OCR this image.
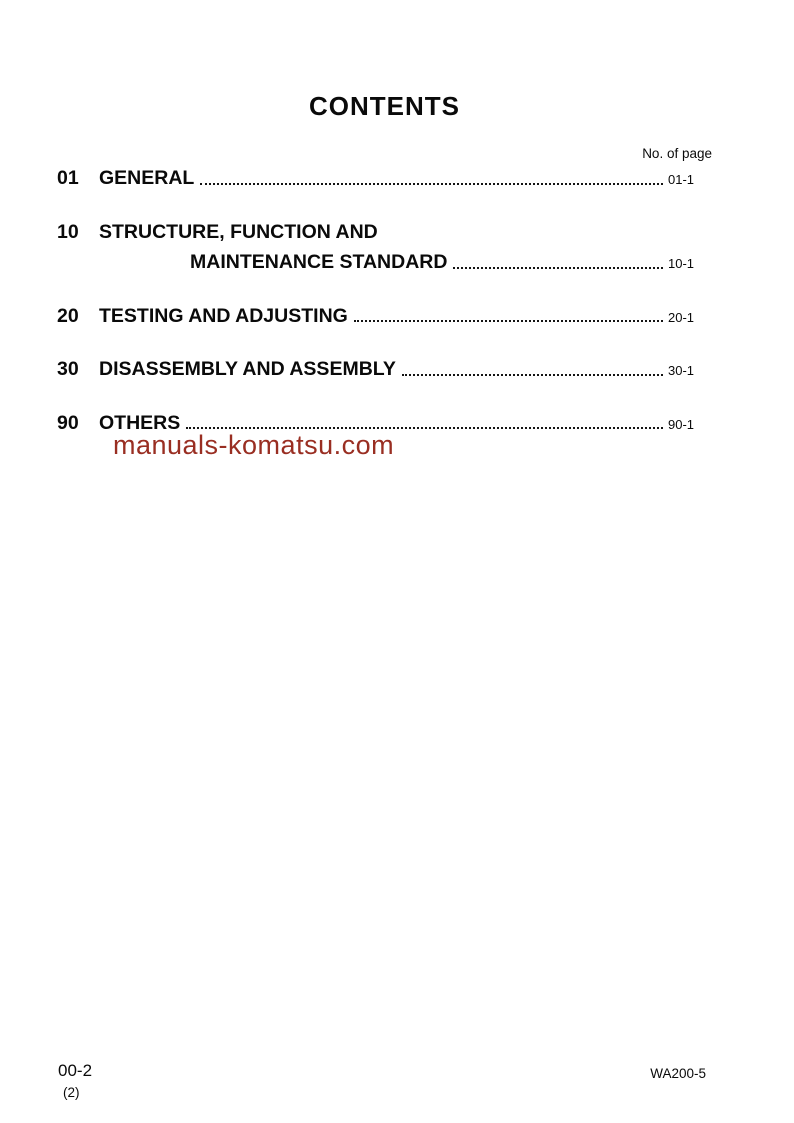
CONTENTS
No. of page
01	GENERAL	01-1
10	STRUCTURE, FUNCTION AND
MAINTENANCE STANDARD	10-1
20	TESTING AND ADJUSTING	20-1
30	DISASSEMBLY AND ASSEMBLY	30-1
90	OTHERS	90-1
manuals-komatsu.com
00-2
(2)
WA200-5
